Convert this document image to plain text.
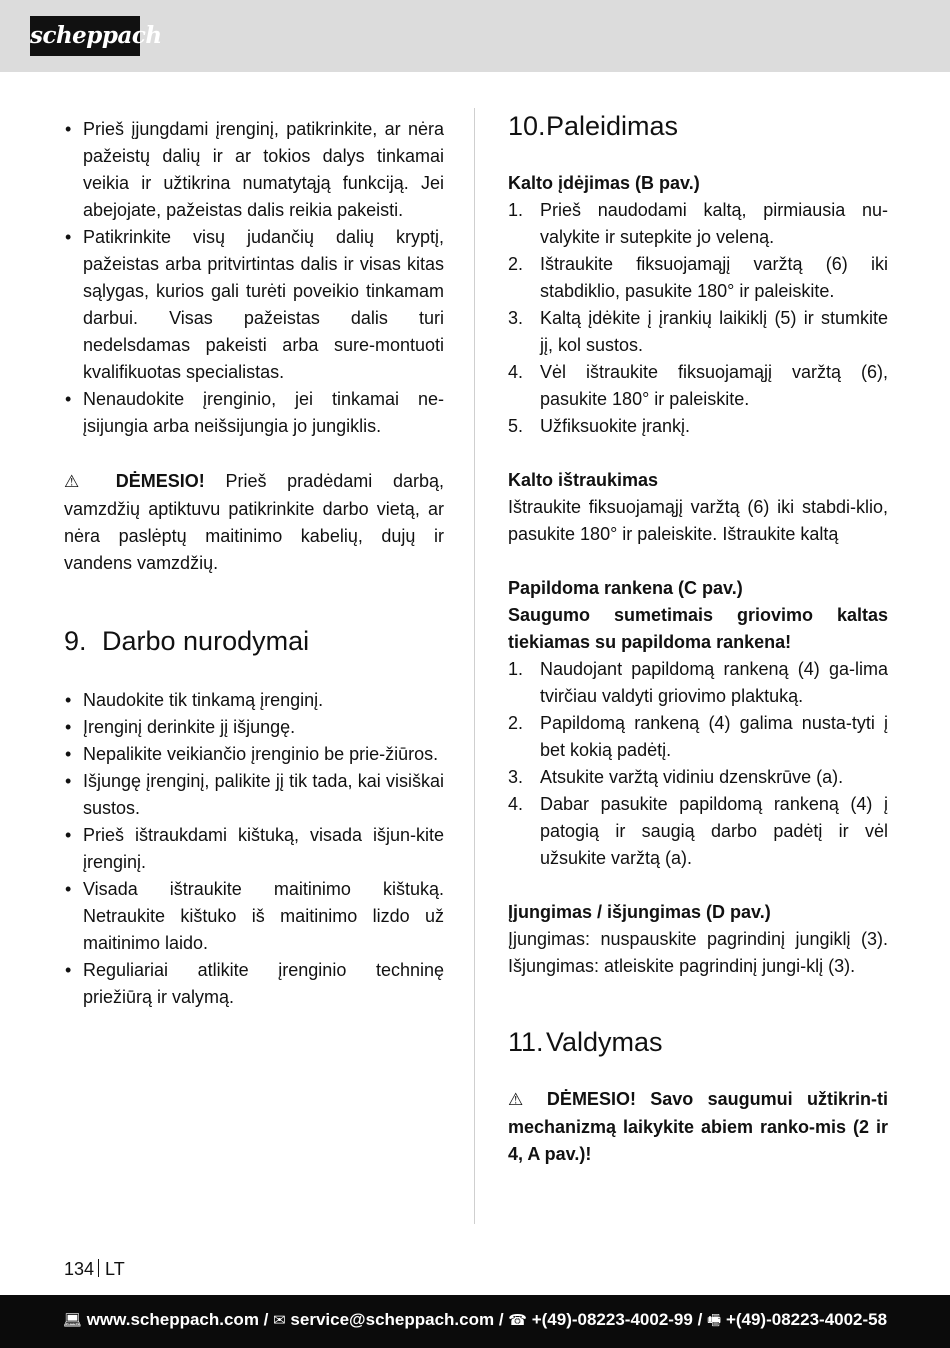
scheppach
• Prieš įjungdami įrenginį, patikrinkite, ar nėra pažeistų dalių ir ar tokios dalys tinkamai veikia ir užtikrina numatytąją funkciją. Jei abejojate, pažeistas dalis reikia pakeisti.
• Patikrinkite visų judančių dalių kryptį, pažeistas arba pritvirtintas dalis ir visas kitas sąlygas, kurios gali turėti poveikio tinkamam darbui. Visas pažeistas dalis turi nedelsdamas pakeisti arba sure-montuoti kvalifikuotas specialistas.
• Nenaudokite įrenginio, jei tinkamai ne-įsijungia arba neišsijungia jo jungiklis.

⚠ DĖMESIO! Prieš pradėdami darbą, vamzdžių aptiktuvu patikrinkite darbo vietą, ar nėra paslėptų maitinimo kabelių, dujų ir vandens vamzdžių.

9. Darbo nurodymai
• Naudokite tik tinkamą įrenginį.
• Įrenginį derinkite jį išjungę.
• Nepalikite veikiančio įrenginio be prie-žiūros.
• Išjungę įrenginį, palikite jį tik tada, kai visiškai sustos.
• Prieš ištraukdami kištuką, visada išjun-kite įrenginį.
• Visada ištraukite maitinimo kištuką. Netraukite kištuko iš maitinimo lizdo už maitinimo laido.
• Reguliariai atlikite įrenginio techninę priežiūrą ir valymą.
10.Paleidimas

Kalto įdėjimas (B pav.)

1. Prieš naudodami kaltą, pirmiausia nu-valykite ir sutepkite jo veleną.
2. Ištraukite fiksuojamąjį varžtą (6) iki stabdiklio, pasukite 180° ir paleiskite.
3. Kaltą įdėkite į įrankių laikiklį (5) ir stumkite jį, kol sustos.
4. Vėl ištraukite fiksuojamąjį varžtą (6), pasukite 180° ir paleiskite.
5. Užfiksuokite įrankį.

Kalto ištraukimas

Ištraukite fiksuojamąjį varžtą (6) iki stabdi-klio, pasukite 180° ir paleiskite. Ištraukite kaltą

Papildoma rankena (C pav.)

Saugumo sumetimais griovimo kaltas tiekiamas su papildoma rankena!

1. Naudojant papildomą rankeną (4) ga-lima tvirčiau valdyti griovimo plaktuką.
2. Papildomą rankeną (4) galima nusta-tyti į bet kokią padėtį.
3. Atsukite varžtą vidiniu dzenskrūve (a).
4. Dabar pasukite papildomą rankeną (4) į patogią ir saugią darbo padėtį ir vėl užsukite varžtą (a).

Įjungimas / išjungimas (D pav.)

Įjungimas: nuspauskite pagrindinį jungiklį (3). Išjungimas: atleiskite pagrindinį jungi-klį (3).

11.Valdymas

⚠ DĖMESIO! Savo saugumui užtikrin-ti mechanizmą laikykite abiem ranko-mis (2 ir 4, A pav.)!

134 LT
💻︎ www.scheppach.com / ✉ service@scheppach.com / ☎ +(49)-08223-4002-99 / 🖷︎ +(49)-08223-4002-58
